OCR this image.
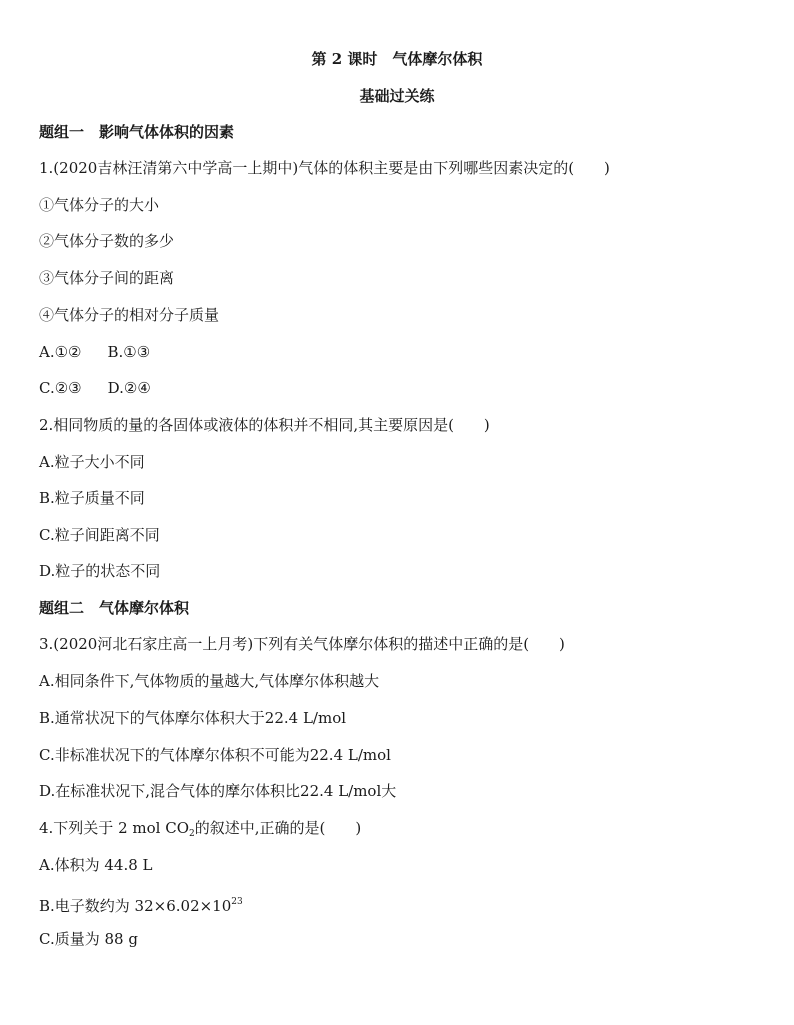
第 2 课时　气体摩尔体积
基础过关练
题组一　影响气体体积的因素
1.(2020吉林汪清第六中学高一上期中)气体的体积主要是由下列哪些因素决定的(　　)
①气体分子的大小
②气体分子数的多少
③气体分子间的距离
④气体分子的相对分子质量
A.①② B.①③
C.②③ D.②④
2.相同物质的量的各固体或液体的体积并不相同,其主要原因是(　　)
A.粒子大小不同
B.粒子质量不同
C.粒子间距离不同
D.粒子的状态不同
题组二　气体摩尔体积
3.(2020河北石家庄高一上月考)下列有关气体摩尔体积的描述中正确的是(　　)
A.相同条件下,气体物质的量越大,气体摩尔体积越大
B.通常状况下的气体摩尔体积大于22.4 L/mol
C.非标准状况下的气体摩尔体积不可能为22.4 L/mol
D.在标准状况下,混合气体的摩尔体积比22.4 L/mol大
4.下列关于 2 mol $CO_2$的叙述中,正确的是(　　)
A.体积为 44.8 L
B.电子数约为 $32\times 6.02\times 10^{23}$
C.质量为 88 g
